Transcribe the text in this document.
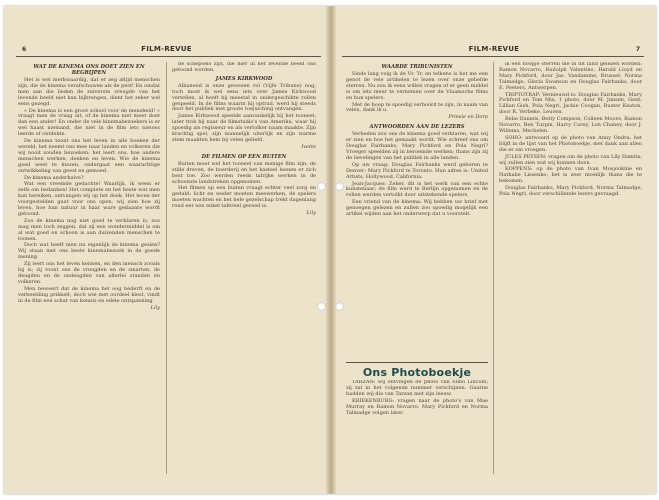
6	FILM-REVUE
WAT DE KINEMA ONS DOET ZIEN EN BEGRIJPEN

Het is wel merkwaardig, dat er zeg altijd menschen zijn, die de kinema verafschuwen als de pest! En omdat men aan die lieden de zuiverste vreugde van het levende beeld niet kan bijbrengen, dient het zeker wel eens gezegd.

« De kinema is een groot school voor de mensheid! » vraagt men de vraag uit, of de kinema niet meer doet dan een ander! En onder de vele kinemabezoekers is er wel haast niemand, die niet in de film iets nieuws leerde of ontdekte.

De kinema toont ons het leven in alle hoeken der wereld; het neemt ons mee naar landen en volkeren die wij nooit zouden bezoeken; het leert ons, hoe andere menschen werken, denken en leven. Wie de kinema goed weet te kiezen, ondergaat een waarachtige ontwikkeling van geest en gemoed.

De kinema anderhalve?

Wat een vreemde gedachte! Waarlijk, ik ween er zelfs om bedanken! Het complete en het beste wat men kan bereiken, ontvangen wij op het doek. Het leven der voorgestelden gaat voor ons open, wij zien hoe zij leven, hoe hun natuur in haar ware gedaante wordt getoond.

Zoo de kinema nog niet goed te verklaren is, zoo mag men toch zeggen, dat zij een wondermiddel is om al wat goed en schoon is aan duizenden menschen te toonen.

Doch wat heeft men nu eigenlijk de kinema gezien? Wij staan met ons beste kinemabezoek in de goede mening.

Zij leert ons het leven kennen, en den mensch zooals hij is; zij toont ons de vreugden en de smarten, de deugden en de ondeugden van allerlei standen en volkeren.

Men beweert dat de kinema het oog bederft en de verbeelding prikkelt; doch wie met oordeel kiest, vindt in de film een schat van kennis en edele ontspanning.

Lily

de schepsels zijn, die hier in het levende beeld ons getoond worden.

JAMES KIRKWOOD

Albanend is onze gewezen rol (Vijfe Tribune) nog; toch moet ik wel eens iets over James Kirkwood vertellen, al heeft hij meestal in ondergeschikte rollen gespeeld. In de films waarin hij optrad, werd hij steeds door het publiek met groote toejuiching ontvangen.

James Kirkwood speelde aanvankelijk bij het tooneel; later trok hij naar de filmstudio's van Amerika, waar hij spoedig als regisseur en als vertolker naam maakte. Zijn krachtig spel, zijn mannelijk uiterlijk en zijn warme stem maakten hem bij velen geliefd.

Ivette
DE FILMEN OP EEN BUITEN

Buiten moet wel het tooneel van menige film zijn; de stille dreven, de boerderij en het kasteel leenen er zich best toe. Zoo werden reeds talrijke werken in de schoonste landstreken opgenomen.

Het filmen op een buiten vraagt echter veel zorg en geduld: licht en weder moeten meewerken, de spelers moeten wachten en het hele gezelschap trekt dagenlang rond eer een enkel tafereel gereed is.

Lily
FILM-REVUE	7
WAARDE TRIBUNISTEN

Sinds lang volg ik de Vr. Tr. en telkens is het me een genot de vele artikelen te lezen over onze geliefde sterren. Nu zou ik eens willen vragen of er geen middel is om iets meer te vernemen over de Vlaamsche films en hun spelers.

Met de hoop te spoedig verhoord te zijn, in naam van velen, dank ik u.

Prinsie en Dorp
ANTWOORDEN AAN DE LEZERS

Verheden zou ons de kinema goed verklaren, wat wij er zien en hoe het gemaakt wordt. Wie schreef ons om Douglas Fairbanks, Mary Pickford en Pola Negri? Vroeger speelden zij in beroemde werken; thans zijn zij de lievelingen van het publiek in alle landen.

Op uw vraag: Douglas Fairbanks werd geboren te Denver; Mary Pickford te Toronto. Hun adres is: United Artists, Hollywood, California.

Jean-Jacques: Zeker, dit is het werk van een echte kunstenaar; de film werd te Berlijn opgenomen en de rollen werden vertolkt door uitstekende spelers.

Een vriend van de kinema: Wij hebben uw brief met genoegen gelezen en zullen zoo spoedig mogelijk een artikel wijden aan het onderwerp dat u voorstelt.

Ons Photoboekje

TARZAN: wij ontvingen de photo van Elmo Lincoln; zij zal in het volgende nummer verschijnen. Gaarne hadden wij die van Tarzan met zijn leeuw.

KRIEKENBURG: vragen naar de photo's van Mae Murray en Ramon Novarro. Mary Pickford en Norma Talmadge volgen later.

ik een hoopje sterren die in dit land gelezen worden: Ramon Novarro, Rudolph Valentino, Harold Lloyd en Mary Pickford, door Jas. Vandamme, Brussel; Norma Talmadge, Gloria Swanson en Douglas Fairbanks, door E. Peeters, Antwerpen.

TRIPTOTRAP: Vernieuwd is: Douglas Fairbanks, Mary Pickford en Tom Mix, 1 photo, door M. Jansen, Gent; Lillian Gish, Pola Negri, Jackie Coogan, Buster Keaton, door R. Verbeke, Leuven.

Bebe Daniels, Betty Compson, Colleen Moore, Ramon Novarro, Ben Turpin, Harry Carey, Lon Chaney, door J. Willems, Mechelen.

SOHO: antwoord op de photo van Anny Ondra; het blijft in de lijst van het Photoboekje, met dank aan allen die er om vroegen.

JULES PEYSEN: vragen om de photo van Lily Damita; wij zullen zien wat wij kunnen doen.

KOPPENS: op de photo van Ivan Mosjoukine en Nathalie Lissenko; het is zeer moeilijk thans die te bekomen.

Douglas Fairbanks, Mary Pickford, Norma Talmadge, Pola Negri, door verschillende lezers gevraagd.
